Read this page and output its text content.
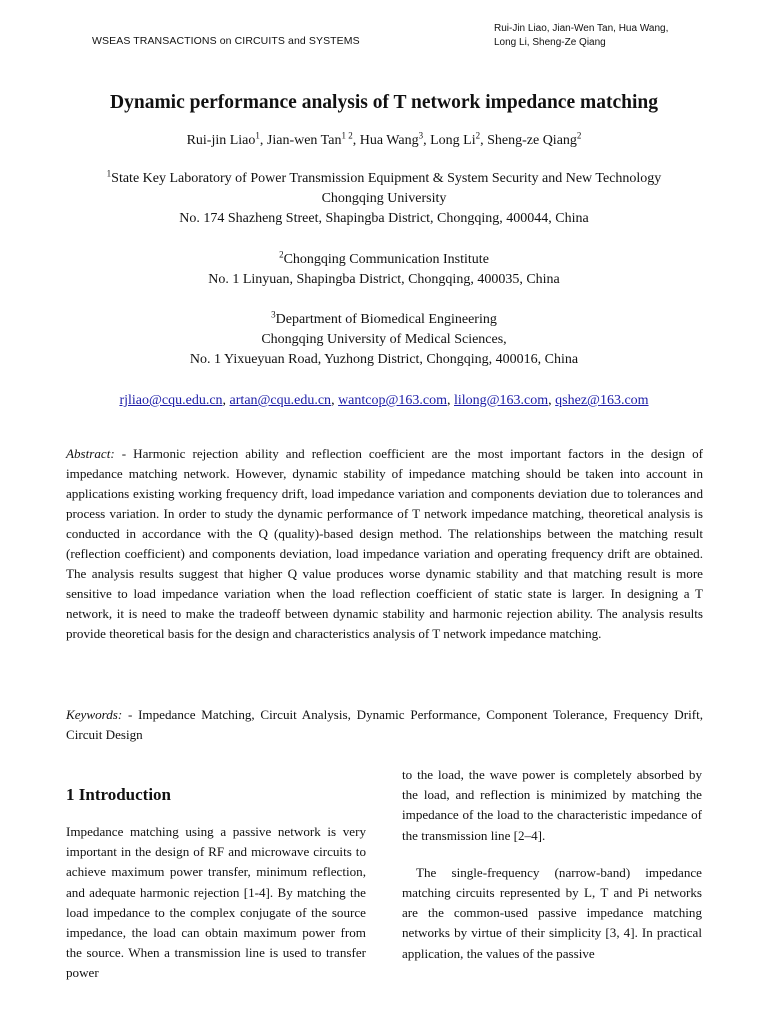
WSEAS TRANSACTIONS on CIRCUITS and SYSTEMS
Rui-Jin Liao, Jian-Wen Tan, Hua Wang,
Long Li, Sheng-Ze Qiang
Dynamic performance analysis of T network impedance matching
Rui-jin Liao$^1$, Jian-wen Tan$^{1 2}$, Hua Wang$^3$, Long Li$^2$, Sheng-ze Qiang$^2$
$^1$State Key Laboratory of Power Transmission Equipment & System Security and New Technology
Chongqing University
No. 174 Shazheng Street, Shapingba District, Chongqing, 400044, China
$^2$Chongqing Communication Institute
No. 1 Linyuan, Shapingba District, Chongqing, 400035, China
$^3$Department of Biomedical Engineering
Chongqing University of Medical Sciences,
No. 1 Yixueyuan Road, Yuzhong District, Chongqing, 400016, China
rjliao@cqu.edu.cn, artan@cqu.edu.cn, wantcop@163.com, lilong@163.com, qshez@163.com
Abstract: - Harmonic rejection ability and reflection coefficient are the most important factors in the design of impedance matching network. However, dynamic stability of impedance matching should be taken into account in applications existing working frequency drift, load impedance variation and components deviation due to tolerances and process variation. In order to study the dynamic performance of T network impedance matching, theoretical analysis is conducted in accordance with the Q (quality)-based design method. The relationships between the matching result (reflection coefficient) and components deviation, load impedance variation and operating frequency drift are obtained. The analysis results suggest that higher Q value produces worse dynamic stability and that matching result is more sensitive to load impedance variation when the load reflection coefficient of static state is larger. In designing a T network, it is need to make the tradeoff between dynamic stability and harmonic rejection ability. The analysis results provide theoretical basis for the design and characteristics analysis of T network impedance matching.
Keywords: - Impedance Matching, Circuit Analysis, Dynamic Performance, Component Tolerance, Frequency Drift, Circuit Design
1 Introduction

Impedance matching using a passive network is very important in the design of RF and microwave circuits to achieve maximum power transfer, minimum reflection, and adequate harmonic rejection [1-4]. By matching the load impedance to the complex conjugate of the source impedance, the load can obtain maximum power from the source. When a transmission line is used to transfer power

to the load, the wave power is completely absorbed by the load, and reflection is minimized by matching the impedance of the load to the characteristic impedance of the transmission line [2–4].

The single-frequency (narrow-band) impedance matching circuits represented by L, T and Pi networks are the common-used passive impedance matching networks by virtue of their simplicity [3, 4]. In practical application, the values of the passive
